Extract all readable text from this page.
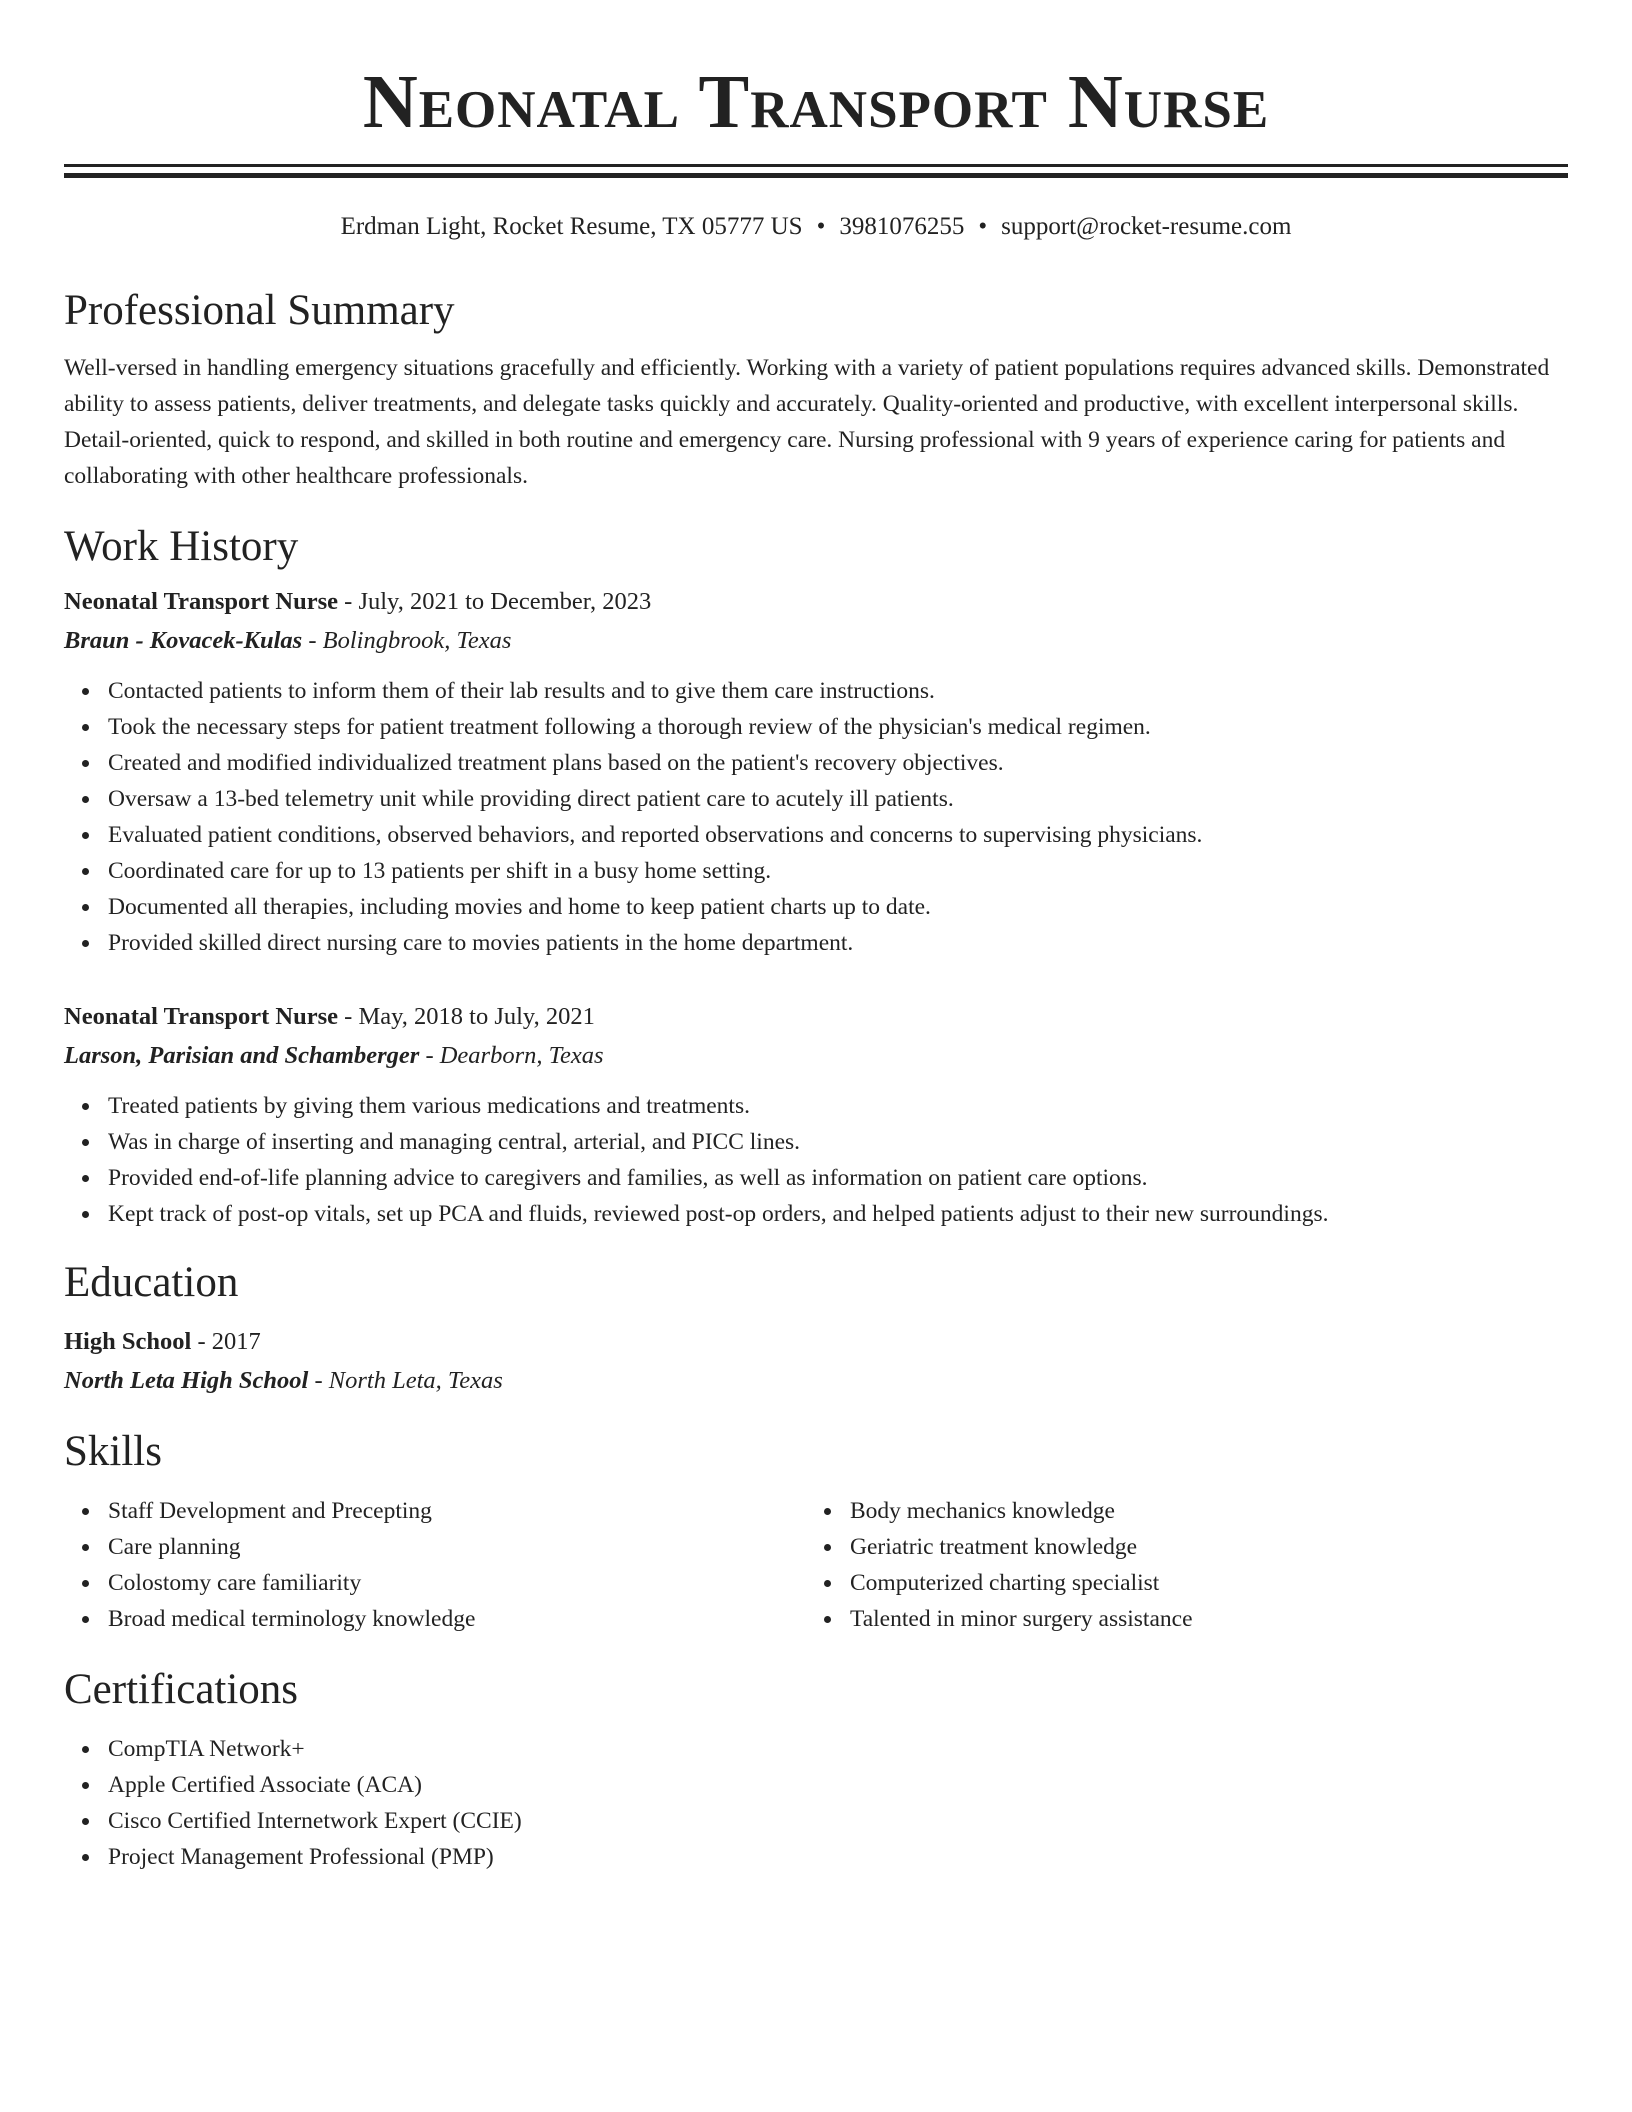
Neonatal Transport Nurse
Erdman Light, Rocket Resume, TX 05777 US • 3981076255 • support@rocket-resume.com
Professional Summary

Well-versed in handling emergency situations gracefully and efficiently. Working with a variety of patient populations requires advanced skills. Demonstrated ability to assess patients, deliver treatments, and delegate tasks quickly and accurately. Quality-oriented and productive, with excellent interpersonal skills. Detail-oriented, quick to respond, and skilled in both routine and emergency care. Nursing professional with 9 years of experience caring for patients and collaborating with other healthcare professionals.

Work History

Neonatal Transport Nurse - July, 2021 to December, 2023

Braun - Kovacek-Kulas - Bolingbrook, Texas

Contacted patients to inform them of their lab results and to give them care instructions.
Took the necessary steps for patient treatment following a thorough review of the physician's medical regimen.
Created and modified individualized treatment plans based on the patient's recovery objectives.
Oversaw a 13-bed telemetry unit while providing direct patient care to acutely ill patients.
Evaluated patient conditions, observed behaviors, and reported observations and concerns to supervising physicians.
Coordinated care for up to 13 patients per shift in a busy home setting.
Documented all therapies, including movies and home to keep patient charts up to date.
Provided skilled direct nursing care to movies patients in the home department.

Neonatal Transport Nurse - May, 2018 to July, 2021

Larson, Parisian and Schamberger - Dearborn, Texas

Treated patients by giving them various medications and treatments.
Was in charge of inserting and managing central, arterial, and PICC lines.
Provided end-of-life planning advice to caregivers and families, as well as information on patient care options.
Kept track of post-op vitals, set up PCA and fluids, reviewed post-op orders, and helped patients adjust to their new surroundings.
Education

High School - 2017

North Leta High School - North Leta, Texas

Skills
Staff Development and Precepting
Care planning
Colostomy care familiarity
Broad medical terminology knowledge
Body mechanics knowledge
Geriatric treatment knowledge
Computerized charting specialist
Talented in minor surgery assistance
Certifications
CompTIA Network+
Apple Certified Associate (ACA)
Cisco Certified Internetwork Expert (CCIE)
Project Management Professional (PMP)
